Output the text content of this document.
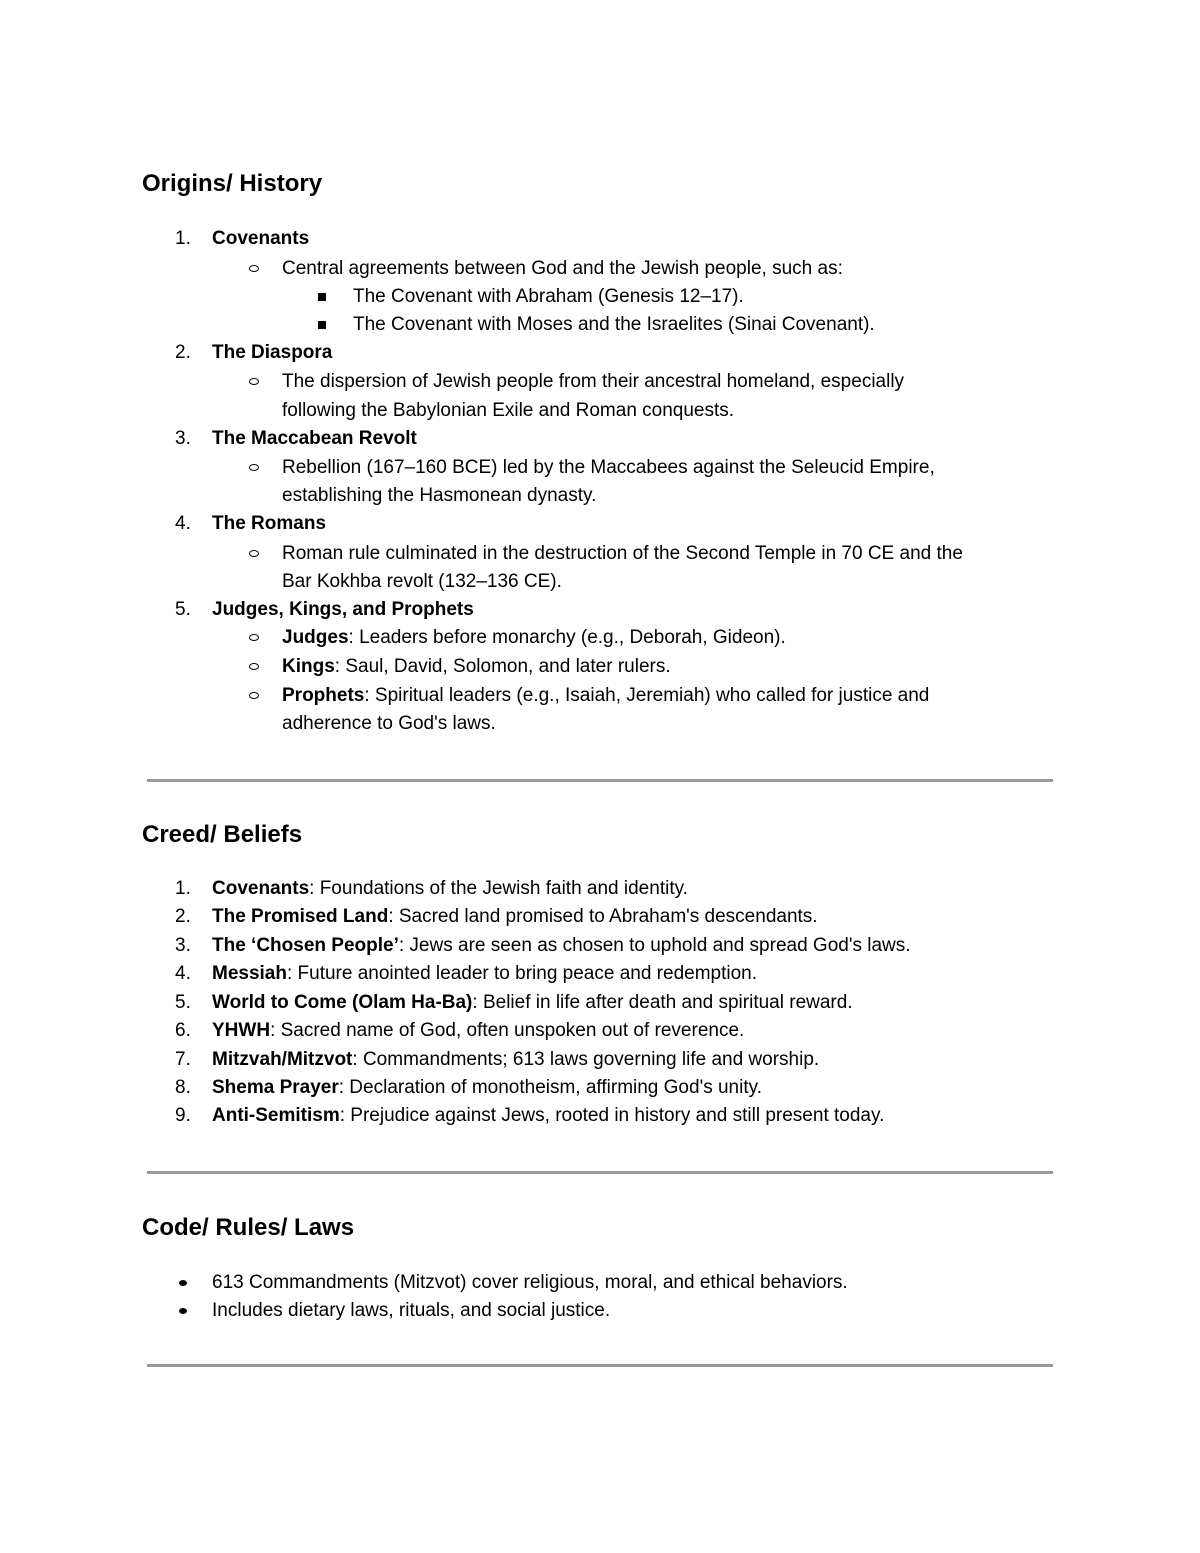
Origins/ History
1.	Covenants
Central agreements between God and the Jewish people, such as:
The Covenant with Abraham (Genesis 12–17).
The Covenant with Moses and the Israelites (Sinai Covenant).
2.	The Diaspora
The dispersion of Jewish people from their ancestral homeland, especially
following the Babylonian Exile and Roman conquests.
3.	The Maccabean Revolt
Rebellion (167–160 BCE) led by the Maccabees against the Seleucid Empire,
establishing the Hasmonean dynasty.
4.	The Romans
Roman rule culminated in the destruction of the Second Temple in 70 CE and the
Bar Kokhba revolt (132–136 CE).
5.	Judges, Kings, and Prophets
Judges: Leaders before monarchy (e.g., Deborah, Gideon).
Kings: Saul, David, Solomon, and later rulers.
Prophets: Spiritual leaders (e.g., Isaiah, Jeremiah) who called for justice and
adherence to God's laws.
Creed/ Beliefs
1.	Covenants: Foundations of the Jewish faith and identity.
2.	The Promised Land: Sacred land promised to Abraham's descendants.
3.	The ‘Chosen People’: Jews are seen as chosen to uphold and spread God's laws.
4.	Messiah: Future anointed leader to bring peace and redemption.
5.	World to Come (Olam Ha-Ba): Belief in life after death and spiritual reward.
6.	YHWH: Sacred name of God, often unspoken out of reverence.
7.	Mitzvah/Mitzvot: Commandments; 613 laws governing life and worship.
8.	Shema Prayer: Declaration of monotheism, affirming God's unity.
9.	Anti-Semitism: Prejudice against Jews, rooted in history and still present today.
Code/ Rules/ Laws
613 Commandments (Mitzvot) cover religious, moral, and ethical behaviors.
Includes dietary laws, rituals, and social justice.
